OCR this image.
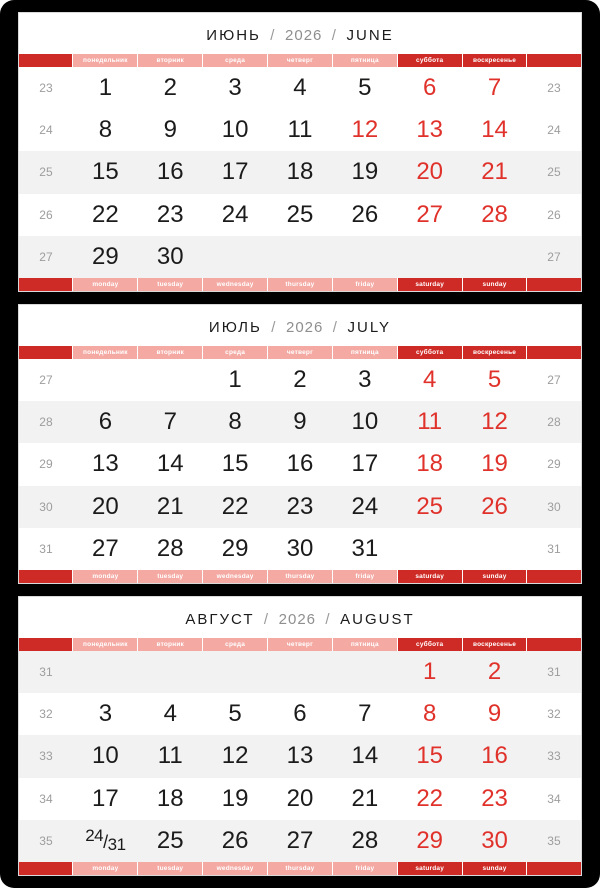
ИЮНЬ / 2026 / JUNE
	понедельник	вторник	среда	четверг	пятница	суббота	воскресенье	
23	1	2	3	4	5	6	7	23
24	8	9	10	11	12	13	14	24
25	15	16	17	18	19	20	21	25
26	22	23	24	25	26	27	28	26
27	29	30						27
	monday	tuesday	wednesday	thursday	friday	saturday	sunday	
ИЮЛЬ / 2026 / JULY
	понедельник	вторник	среда	четверг	пятница	суббота	воскресенье	
27			1	2	3	4	5	27
28	6	7	8	9	10	11	12	28
29	13	14	15	16	17	18	19	29
30	20	21	22	23	24	25	26	30
31	27	28	29	30	31			31
	monday	tuesday	wednesday	thursday	friday	saturday	sunday	
АВГУСТ / 2026 / AUGUST
	понедельник	вторник	среда	четверг	пятница	суббота	воскресенье	
31						1	2	31
32	3	4	5	6	7	8	9	32
33	10	11	12	13	14	15	16	33
34	17	18	19	20	21	22	23	34
35	$^{24}/_{31}$	25	26	27	28	29	30	35
	monday	tuesday	wednesday	thursday	friday	saturday	sunday	
